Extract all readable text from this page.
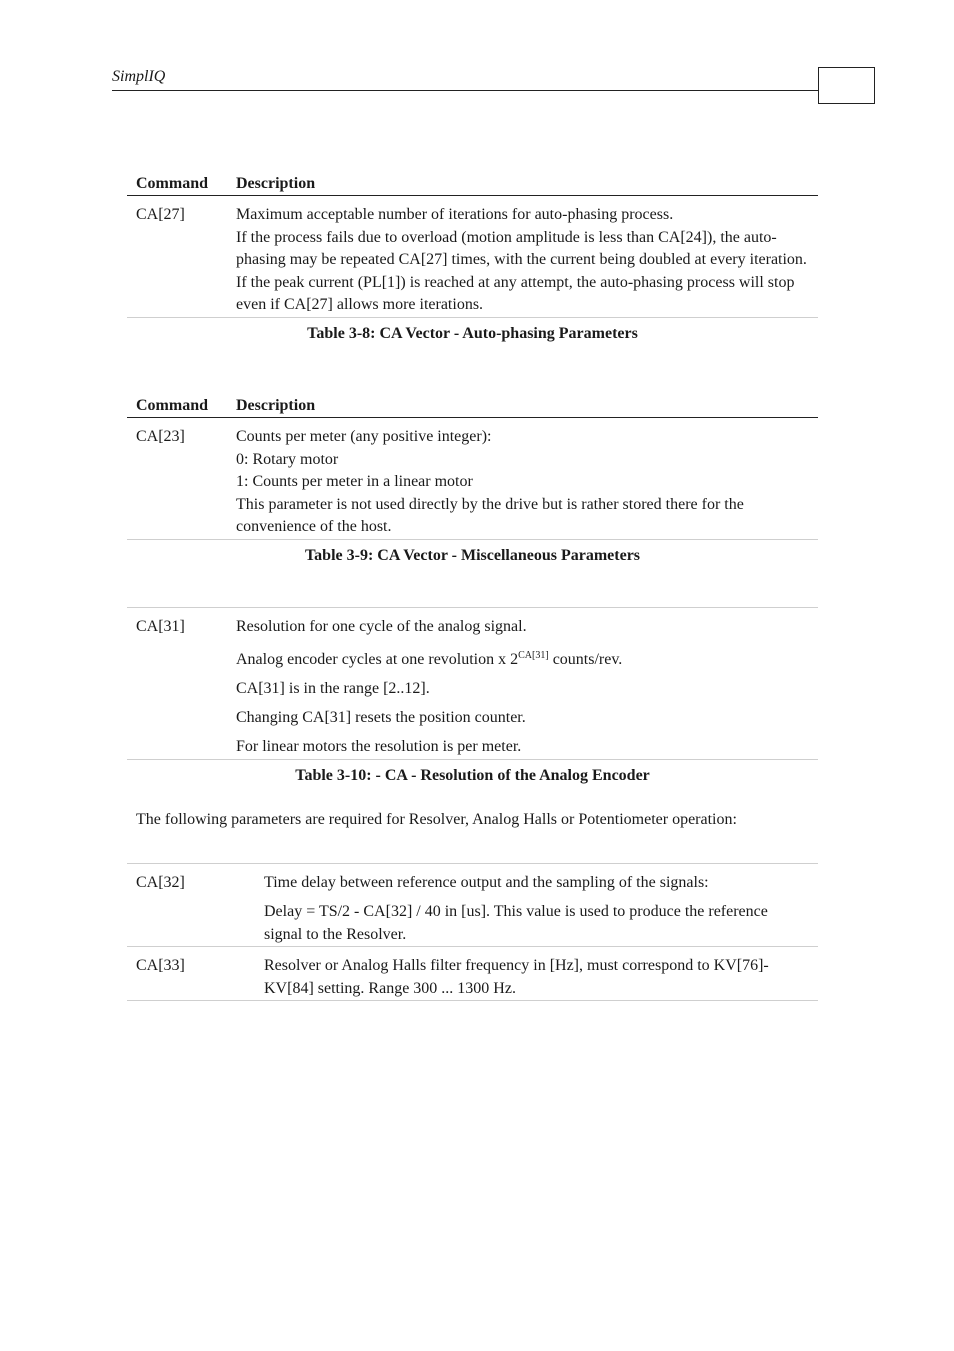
SimplIQ
Command Description
CA[27]	Maximum acceptable number of iterations for auto-phasing process.

If the process fails due to overload (motion amplitude is less than CA[24]), the auto-phasing may be repeated CA[27] times, with the current being doubled at every iteration. If the peak current (PL[1]) is reached at any attempt, the auto-phasing process will stop even if CA[27] allows more iterations.

Table 3-8: CA Vector - Auto-phasing Parameters
Command Description
CA[23]	Counts per meter (any positive integer):

0: Rotary motor

1: Counts per meter in a linear motor

This parameter is not used directly by the drive but is rather stored there for the convenience of the host.

Table 3-9: CA Vector - Miscellaneous Parameters
CA[31]	Resolution for one cycle of the analog signal.

Analog encoder cycles at one revolution x $2^{CA[31]}$ counts/rev.

CA[31] is in the range [2..12].

Changing CA[31] resets the position counter.

For linear motors the resolution is per meter.

Table 3-10: - CA - Resolution of the Analog Encoder
The following parameters are required for Resolver, Analog Halls or Potentiometer operation:
CA[32]	Time delay between reference output and the sampling of the signals:

Delay = TS/2 - CA[32] / 40 in [us]. This value is used to produce the reference signal to the Resolver.

CA[33]	Resolver or Analog Halls filter frequency in [Hz], must correspond to KV[76]-KV[84] setting. Range 300 ... 1300 Hz.
